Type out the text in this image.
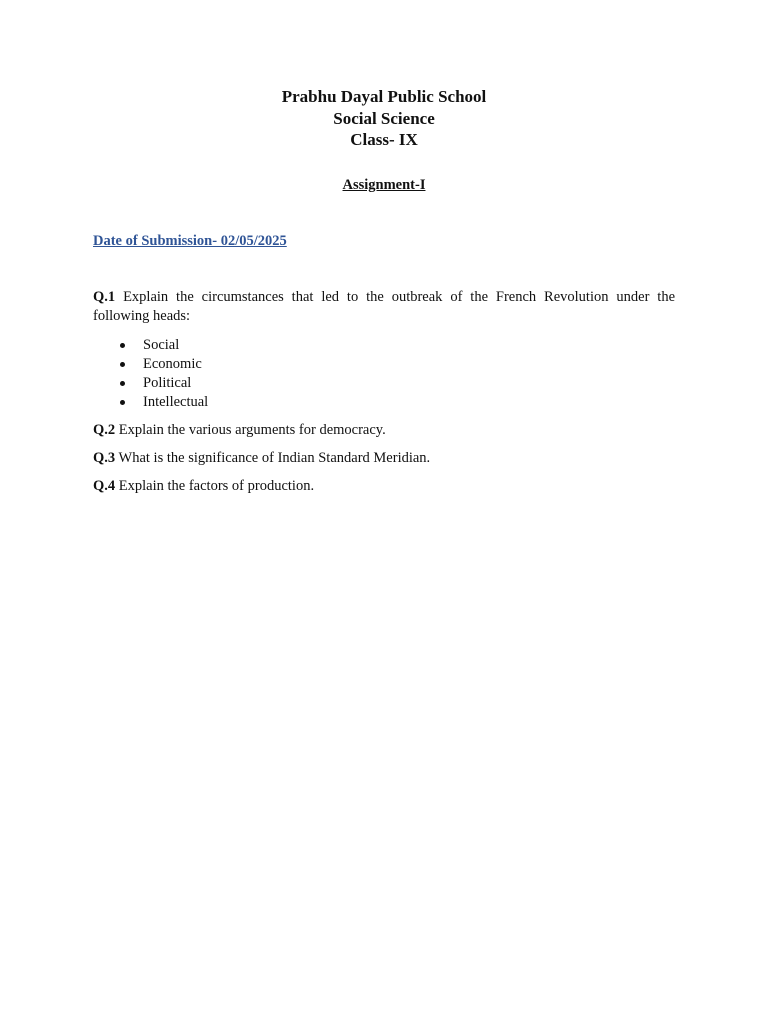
Prabhu Dayal Public School
Social Science
Class- IX
Assignment-I
Date of Submission- 02/05/2025
Q.1 Explain the circumstances that led to the outbreak of the French Revolution under the
following heads:
Social
Economic
Political
Intellectual
Q.2 Explain the various arguments for democracy.
Q.3 What is the significance of Indian Standard Meridian.
Q.4 Explain the factors of production.
